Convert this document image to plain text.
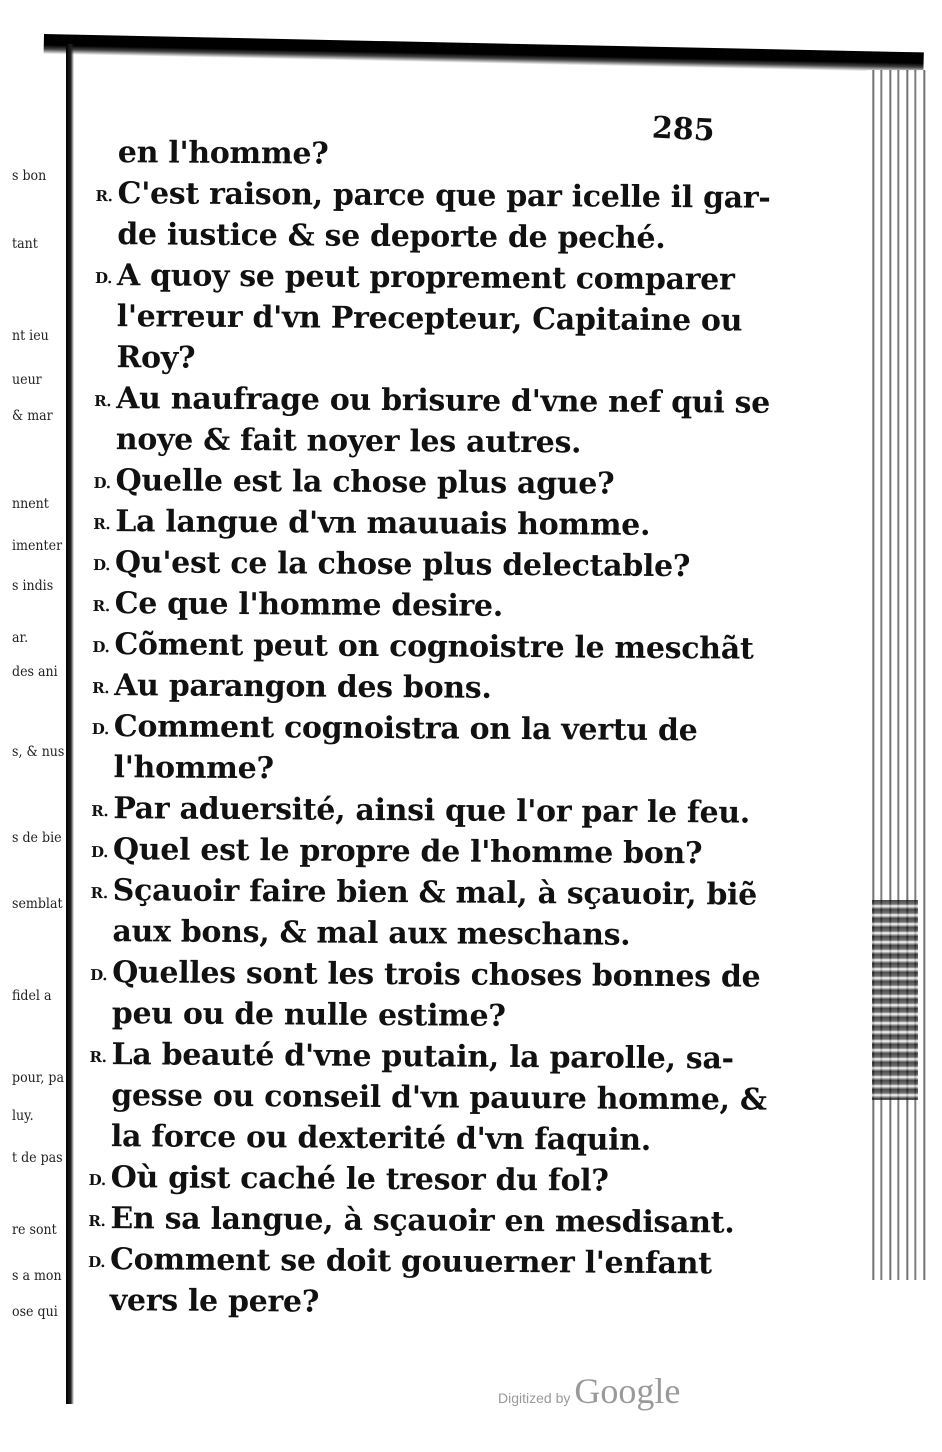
s bon
tant
nt ieu
ueur
& mar
nnent
imenter
s indis
ar.
des ani
s, & nus
s de bie
semblat
fidel a
pour, pa
luy.
t de pas
re sont
s a mon
ose qui
285
en l'homme?
R. C'est raison, parce que par icelle il gar-
de iustice & se deporte de peché.
D. A quoy se peut proprement comparer
l'erreur d'vn Precepteur, Capitaine ou
Roy?
R. Au naufrage ou brisure d'vne nef qui se
noye & fait noyer les autres.
D. Quelle est la chose plus ague?
R. La langue d'vn mauuais homme.
D. Qu'est ce la chose plus delectable?
R. Ce que l'homme desire.
D. Cõment peut on cognoistre le meschãt
R. Au parangon des bons.
D. Comment cognoistra on la vertu de
l'homme?
R. Par aduersité, ainsi que l'or par le feu.
D. Quel est le propre de l'homme bon?
R. Sçauoir faire bien & mal, à sçauoir, biẽ
aux bons, & mal aux meschans.
D. Quelles sont les trois choses bonnes de
peu ou de nulle estime?
R. La beauté d'vne putain, la parolle, sa-
gesse ou conseil d'vn pauure homme, &
la force ou dexterité d'vn faquin.
D. Où gist caché le tresor du fol?
R. En sa langue, à sçauoir en mesdisant.
D. Comment se doit gouuerner l'enfant
vers le pere?
Digitized by Google
